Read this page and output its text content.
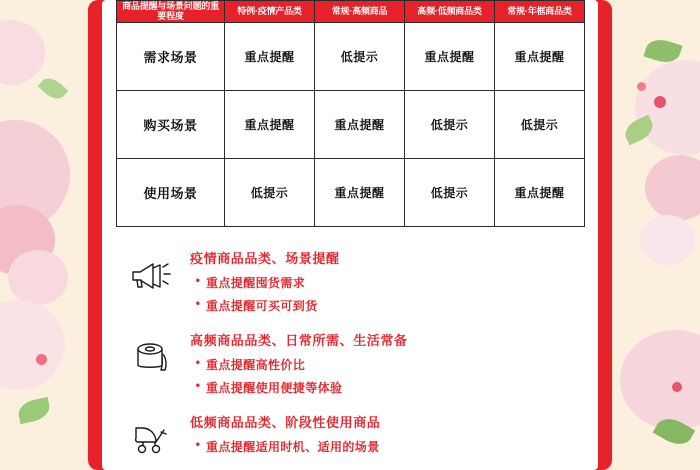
商品提醒与场景问题的重要程度	特例·疫情产品类	常规·高频商品	高频·低频商品类	常规·年框商品类
需求场景	重点提醒	低提示	重点提醒	重点提醒
购买场景	重点提醒	重点提醒	低提示	低提示
使用场景	低提示	重点提醒	低提示	重点提醒
疫情商品品类、场景提醒
• 重点提醒囤货需求
• 重点提醒可买可到货
高频商品品类、日常所需、生活常备
• 重点提醒高性价比
• 重点提醒使用便捷等体验
低频商品品类、阶段性使用商品
• 重点提醒适用时机、适用的场景
